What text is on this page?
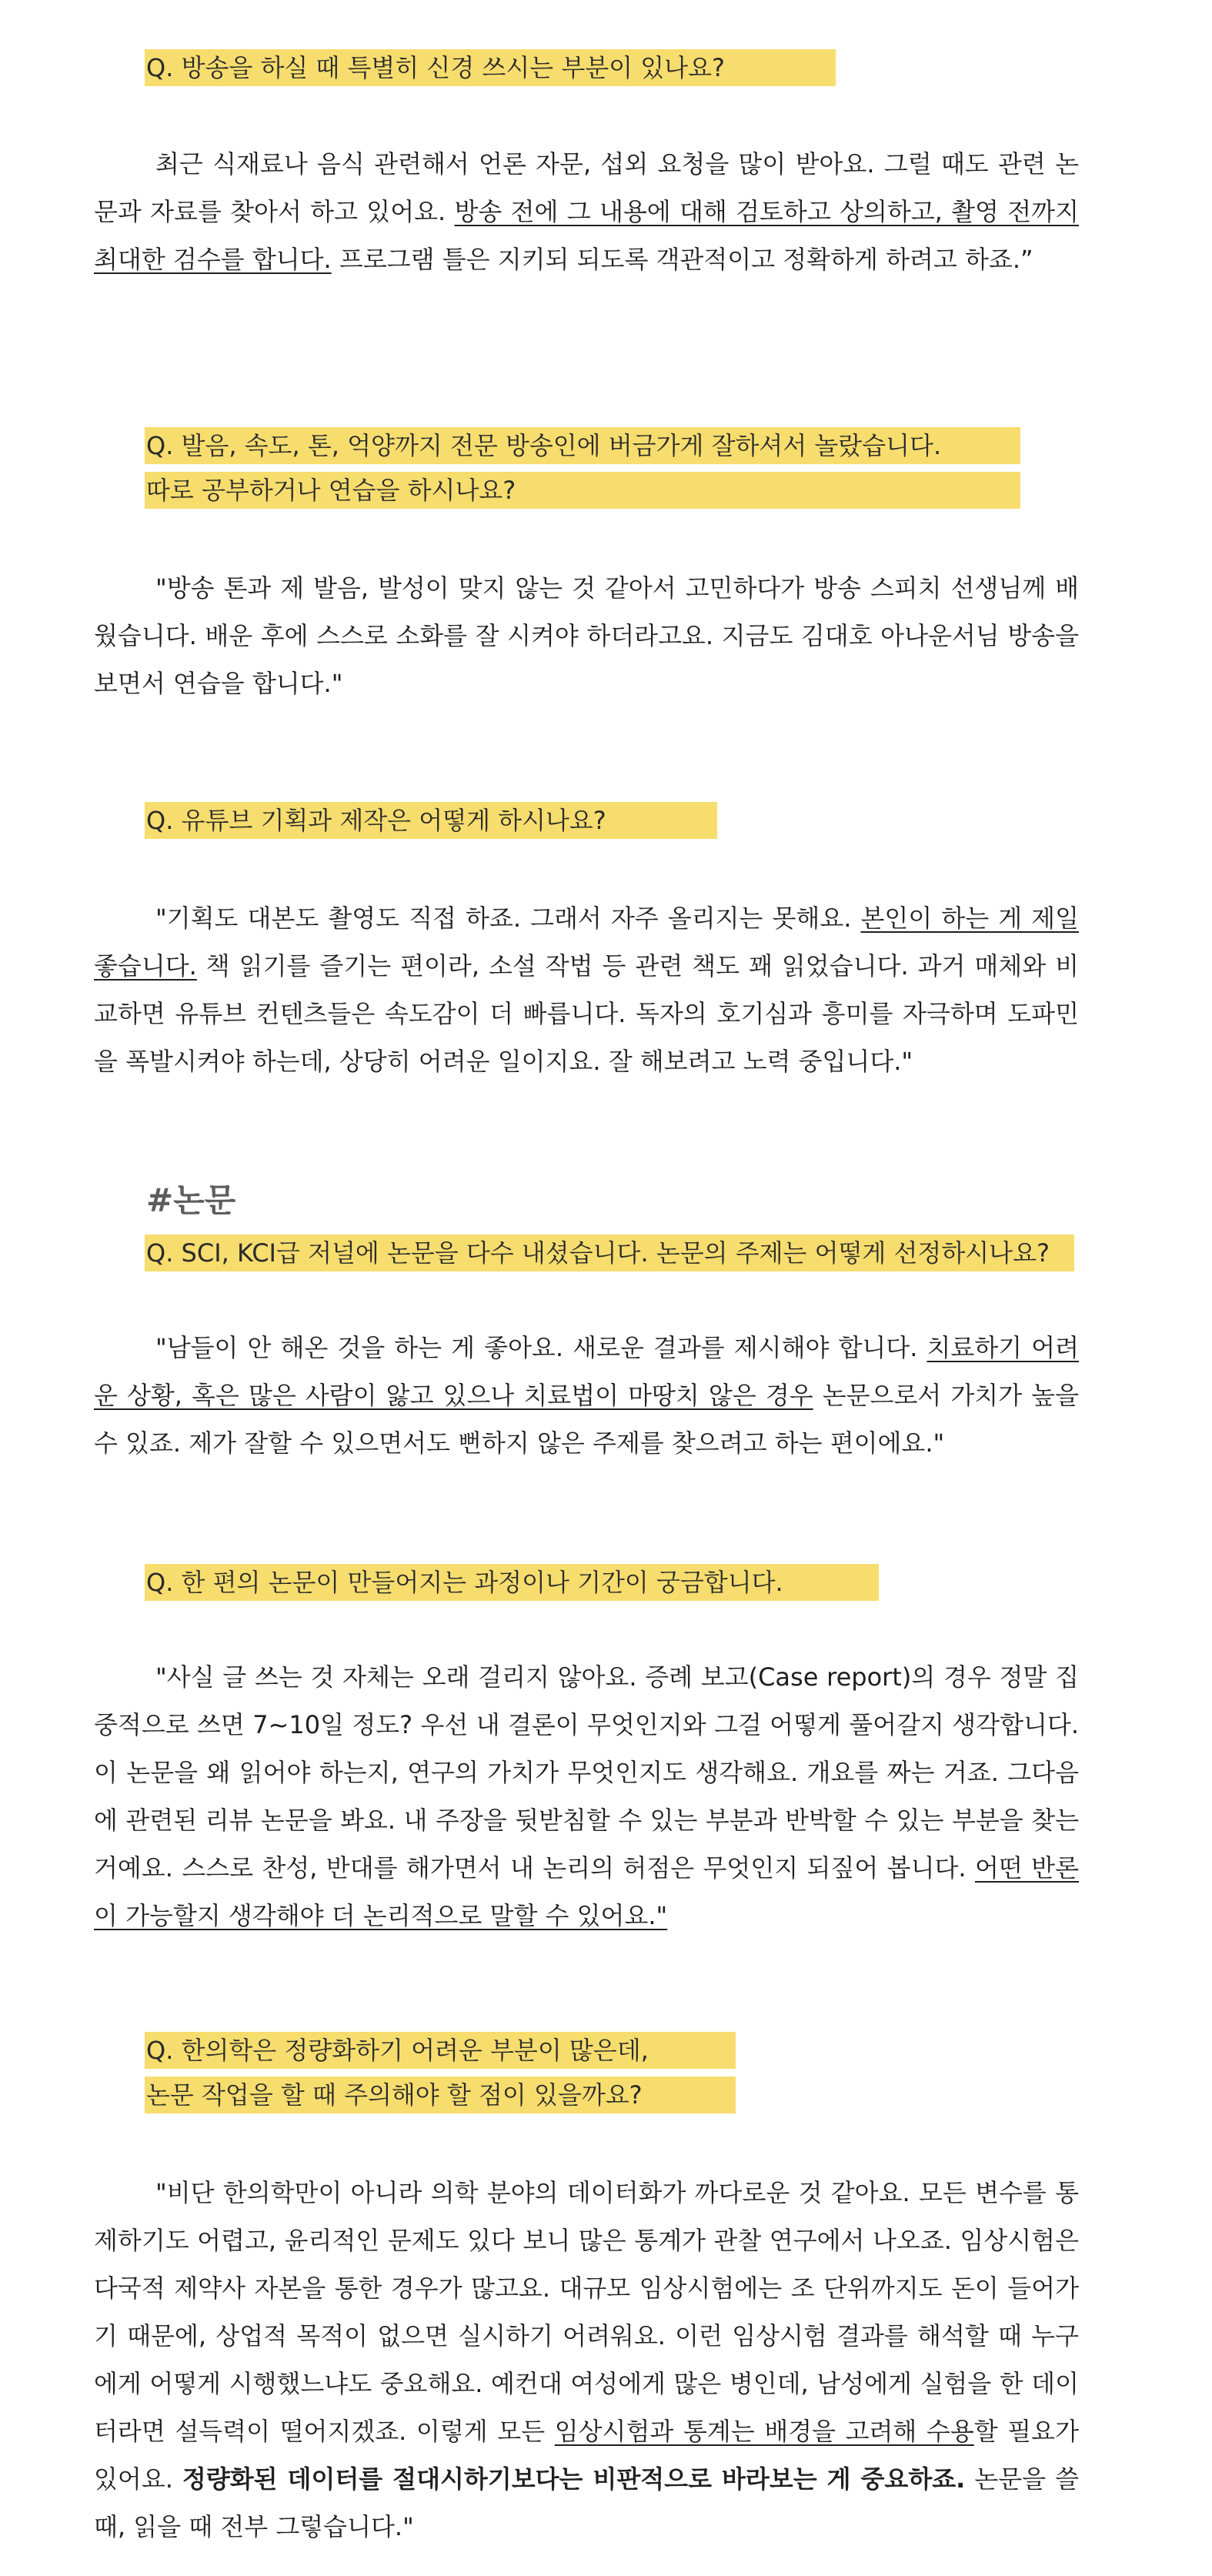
Q. 방송을 하실 때 특별히 신경 쓰시는 부분이 있나요?
최근 식재료나 음식 관련해서 언론 자문, 섭외 요청을 많이 받아요. 그럴 때도 관련 논문과 자료를 찾아서 하고 있어요. 방송 전에 그 내용에 대해 검토하고 상의하고, 촬영 전까지 최대한 검수를 합니다. 프로그램 틀은 지키되 되도록 객관적이고 정확하게 하려고 하죠.”
Q. 발음, 속도, 톤, 억양까지 전문 방송인에 버금가게 잘하셔서 놀랐습니다.
따로 공부하거나 연습을 하시나요?
"방송 톤과 제 발음, 발성이 맞지 않는 것 같아서 고민하다가 방송 스피치 선생님께 배웠습니다. 배운 후에 스스로 소화를 잘 시켜야 하더라고요. 지금도 김대호 아나운서님 방송을 보면서 연습을 합니다."
Q. 유튜브 기획과 제작은 어떻게 하시나요?
"기획도 대본도 촬영도 직접 하죠. 그래서 자주 올리지는 못해요. 본인이 하는 게 제일 좋습니다. 책 읽기를 즐기는 편이라, 소설 작법 등 관련 책도 꽤 읽었습니다. 과거 매체와 비교하면 유튜브 컨텐츠들은 속도감이 더 빠릅니다. 독자의 호기심과 흥미를 자극하며 도파민을 폭발시켜야 하는데, 상당히 어려운 일이지요. 잘 해보려고 노력 중입니다."
#논문
Q. SCI, KCI급 저널에 논문을 다수 내셨습니다. 논문의 주제는 어떻게 선정하시나요?
"남들이 안 해온 것을 하는 게 좋아요. 새로운 결과를 제시해야 합니다. 치료하기 어려운 상황, 혹은 많은 사람이 앓고 있으나 치료법이 마땅치 않은 경우 논문으로서 가치가 높을 수 있죠. 제가 잘할 수 있으면서도 뻔하지 않은 주제를 찾으려고 하는 편이에요."
Q. 한 편의 논문이 만들어지는 과정이나 기간이 궁금합니다.
"사실 글 쓰는 것 자체는 오래 걸리지 않아요. 증례 보고(Case report)의 경우 정말 집중적으로 쓰면 7~10일 정도? 우선 내 결론이 무엇인지와 그걸 어떻게 풀어갈지 생각합니다. 이 논문을 왜 읽어야 하는지, 연구의 가치가 무엇인지도 생각해요. 개요를 짜는 거죠. 그다음에 관련된 리뷰 논문을 봐요. 내 주장을 뒷받침할 수 있는 부분과 반박할 수 있는 부분을 찾는 거예요. 스스로 찬성, 반대를 해가면서 내 논리의 허점은 무엇인지 되짚어 봅니다. 어떤 반론이 가능할지 생각해야 더 논리적으로 말할 수 있어요."
Q. 한의학은 정량화하기 어려운 부분이 많은데,
논문 작업을 할 때 주의해야 할 점이 있을까요?
"비단 한의학만이 아니라 의학 분야의 데이터화가 까다로운 것 같아요. 모든 변수를 통제하기도 어렵고, 윤리적인 문제도 있다 보니 많은 통계가 관찰 연구에서 나오죠. 임상시험은 다국적 제약사 자본을 통한 경우가 많고요. 대규모 임상시험에는 조 단위까지도 돈이 들어가기 때문에, 상업적 목적이 없으면 실시하기 어려워요. 이런 임상시험 결과를 해석할 때 누구에게 어떻게 시행했느냐도 중요해요. 예컨대 여성에게 많은 병인데, 남성에게 실험을 한 데이터라면 설득력이 떨어지겠죠. 이렇게 모든 임상시험과 통계는 배경을 고려해 수용할 필요가 있어요. 정량화된 데이터를 절대시하기보다는 비판적으로 바라보는 게 중요하죠. 논문을 쓸 때, 읽을 때 전부 그렇습니다."
